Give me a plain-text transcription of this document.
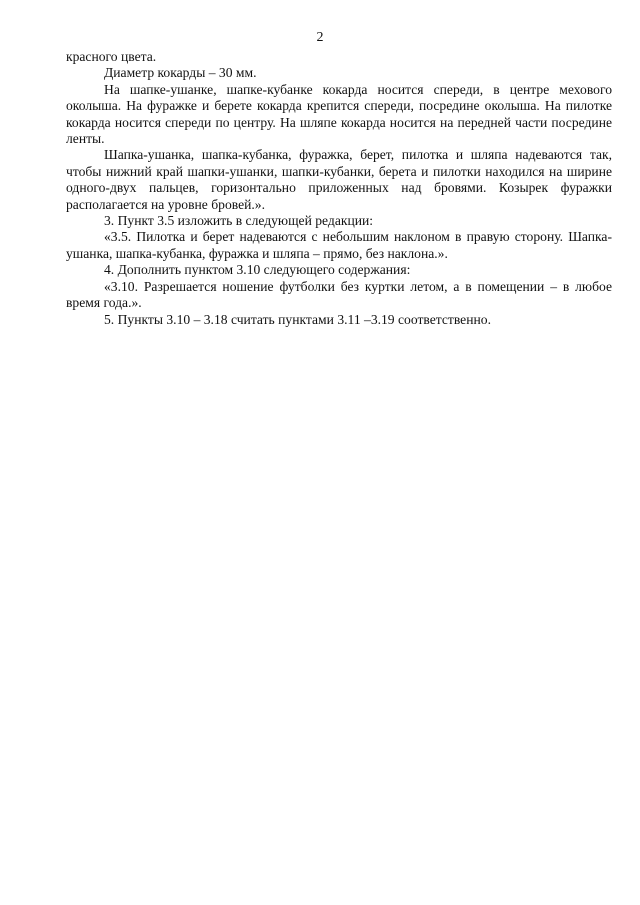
2

красного цвета.

Диаметр кокарды – 30 мм.

На шапке-ушанке, шапке-кубанке кокарда носится спереди, в центре мехового околыша. На фуражке и берете кокарда крепится спереди, посредине околыша. На пилотке кокарда носится спереди по центру. На шляпе кокарда носится на передней части посредине ленты.

Шапка-ушанка, шапка-кубанка, фуражка, берет, пилотка и шляпа надеваются так, чтобы нижний край шапки-ушанки, шапки-кубанки, берета и пилотки находился на ширине одного-двух пальцев, горизонтально приложенных над бровями. Козырек фуражки располагается на уровне бровей.».

3. Пункт 3.5 изложить в следующей редакции:

«3.5. Пилотка и берет надеваются с небольшим наклоном в правую сторону. Шапка-ушанка, шапка-кубанка, фуражка и шляпа – прямо, без наклона.».

4. Дополнить пунктом 3.10 следующего содержания:

«3.10. Разрешается ношение футболки без куртки летом, а в помещении – в любое время года.».

5. Пункты 3.10 – 3.18 считать пунктами 3.11 –3.19 соответственно.
